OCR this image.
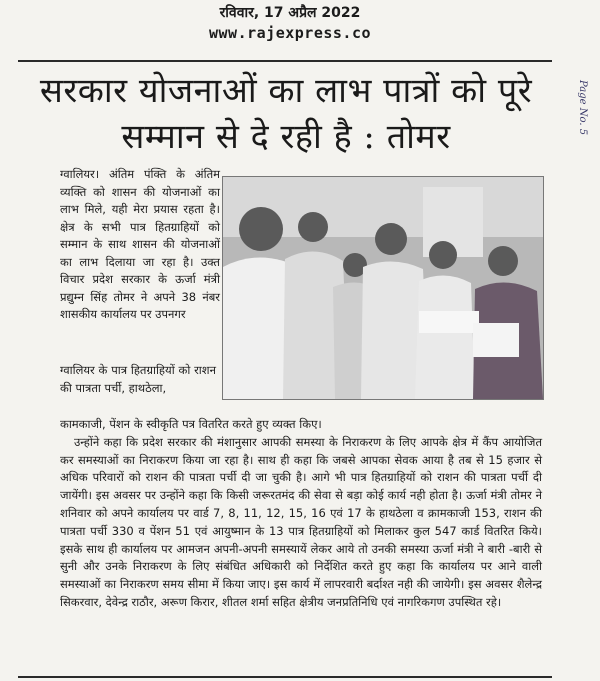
रविवार, 17 अप्रैल 2022
www.rajexpress.co
Page No. 5
सरकार योजनाओं का लाभ पात्रों को पूरे सम्मान से दे रही है : तोमर

ग्वालियर। अंतिम पंक्ति के अंतिम व्यक्ति को शासन की योजनाओं का लाभ मिले, यही मेरा प्रयास रहता है। क्षेत्र के सभी पात्र हितग्राहियों को सम्मान के साथ शासन की योजनाओं का लाभ दिलाया जा रहा है। उक्त विचार प्रदेश सरकार के ऊर्जा मंत्री प्रद्युम्न सिंह तोमर ने अपने 38 नंबर शासकीय कार्यालय पर उपनगर

ग्वालियर के पात्र हितग्राहियों को राशन की पात्रता पर्ची, हाथठेला,

कामकाजी, पेंशन के स्वीकृति पत्र वितरित करते हुए व्यक्त किए।
उन्होंने कहा कि प्रदेश सरकार की मंशानुसार आपकी समस्या के निराकरण के लिए आपके क्षेत्र में कैंप आयोजित कर समस्याओं का निराकरण किया जा रहा है। साथ ही कहा कि जबसे आपका सेवक आया है तब से 15 हजार से अधिक परिवारों को राशन की पात्रता पर्ची दी जा चुकी है। आगे भी पात्र हितग्राहियों को राशन की पात्रता पर्ची दी जायेंगी। इस अवसर पर उन्होंने कहा कि किसी जरूरतमंद की सेवा से बड़ा कोई कार्य नही होता है। ऊर्जा मंत्री तोमर ने शनिवार को अपने कार्यालय पर वार्ड 7, 8, 11, 12, 15, 16 एवं 17 के हाथठेला व क्रामकाजी 153, राशन की पात्रता पर्ची 330 व पेंशन 51 एवं आयुष्मान के 13 पात्र हितग्राहियों को मिलाकर कुल 547 कार्ड वितरित किये। इसके साथ ही कार्यालय पर आमजन अपनी-अपनी समस्यायें लेकर आये तो उनकी समस्या ऊर्जा मंत्री ने बारी -बारी से सुनी और उनके निराकरण के लिए संबंधित अधिकारी को निर्देशित करते हुए कहा कि कार्यालय पर आने वाली समस्याओं का निराकरण समय सीमा में किया जाए। इस कार्य में लापरवारी बर्दाश्त नही की जायेगी। इस अवसर शैलेन्द्र सिकरवार, देवेन्द्र राठौर, अरूण किरार, शीतल शर्मा सहित क्षेत्रीय जनप्रतिनिधि एवं नागरिकगण उपस्थित रहे।
